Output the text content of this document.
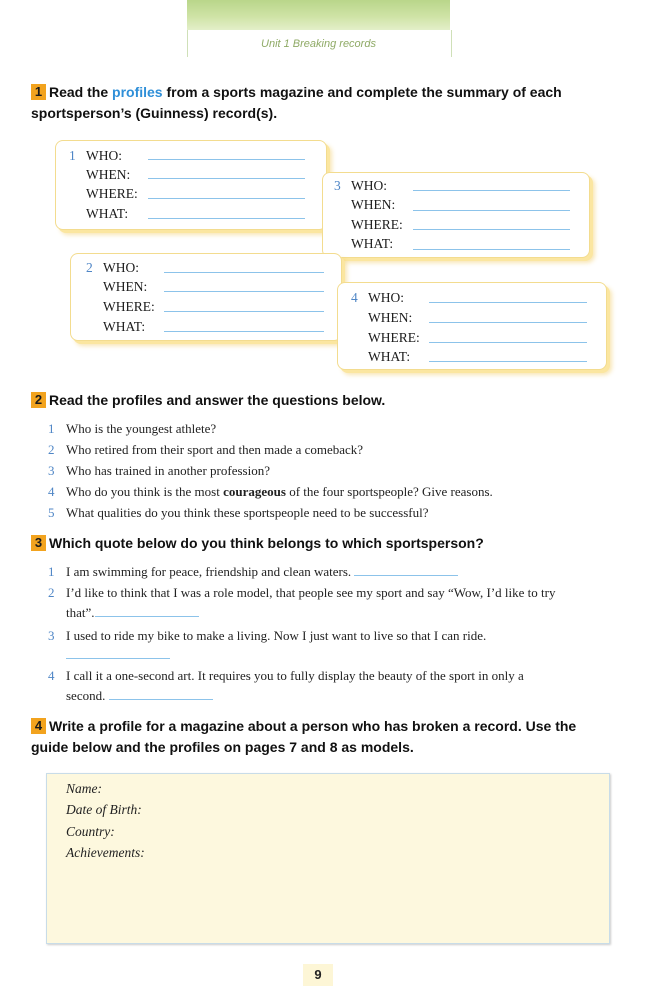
Unit 1 Breaking records
1 Read the profiles from a sports magazine and complete the summary of each
sportsperson’s (Guinness) record(s).
1 WHO:
WHEN:
WHERE:
WHAT:
3 WHO:
WHEN:
WHERE:
WHAT:
2 WHO:
WHEN:
WHERE:
WHAT:
4 WHO:
WHEN:
WHERE:
WHAT:
2 Read the profiles and answer the questions below.
1 Who is the youngest athlete?
2 Who retired from their sport and then made a comeback?
3 Who has trained in another profession?
4 Who do you think is the most courageous of the four sportspeople? Give reasons.
5 What qualities do you think these sportspeople need to be successful?
3 Which quote below do you think belongs to which sportsperson?
1 I am swimming for peace, friendship and clean waters.
2 I’d like to think that I was a role model, that people see my sport and say “Wow, I’d like to try
that”.
3 I used to ride my bike to make a living. Now I just want to live so that I can ride.
4 I call it a one-second art. It requires you to fully display the beauty of the sport in only a
second.
4 Write a profile for a magazine about a person who has broken a record. Use the
guide below and the profiles on pages 7 and 8 as models.
Name:
Date of Birth:
Country:
Achievements:
9
